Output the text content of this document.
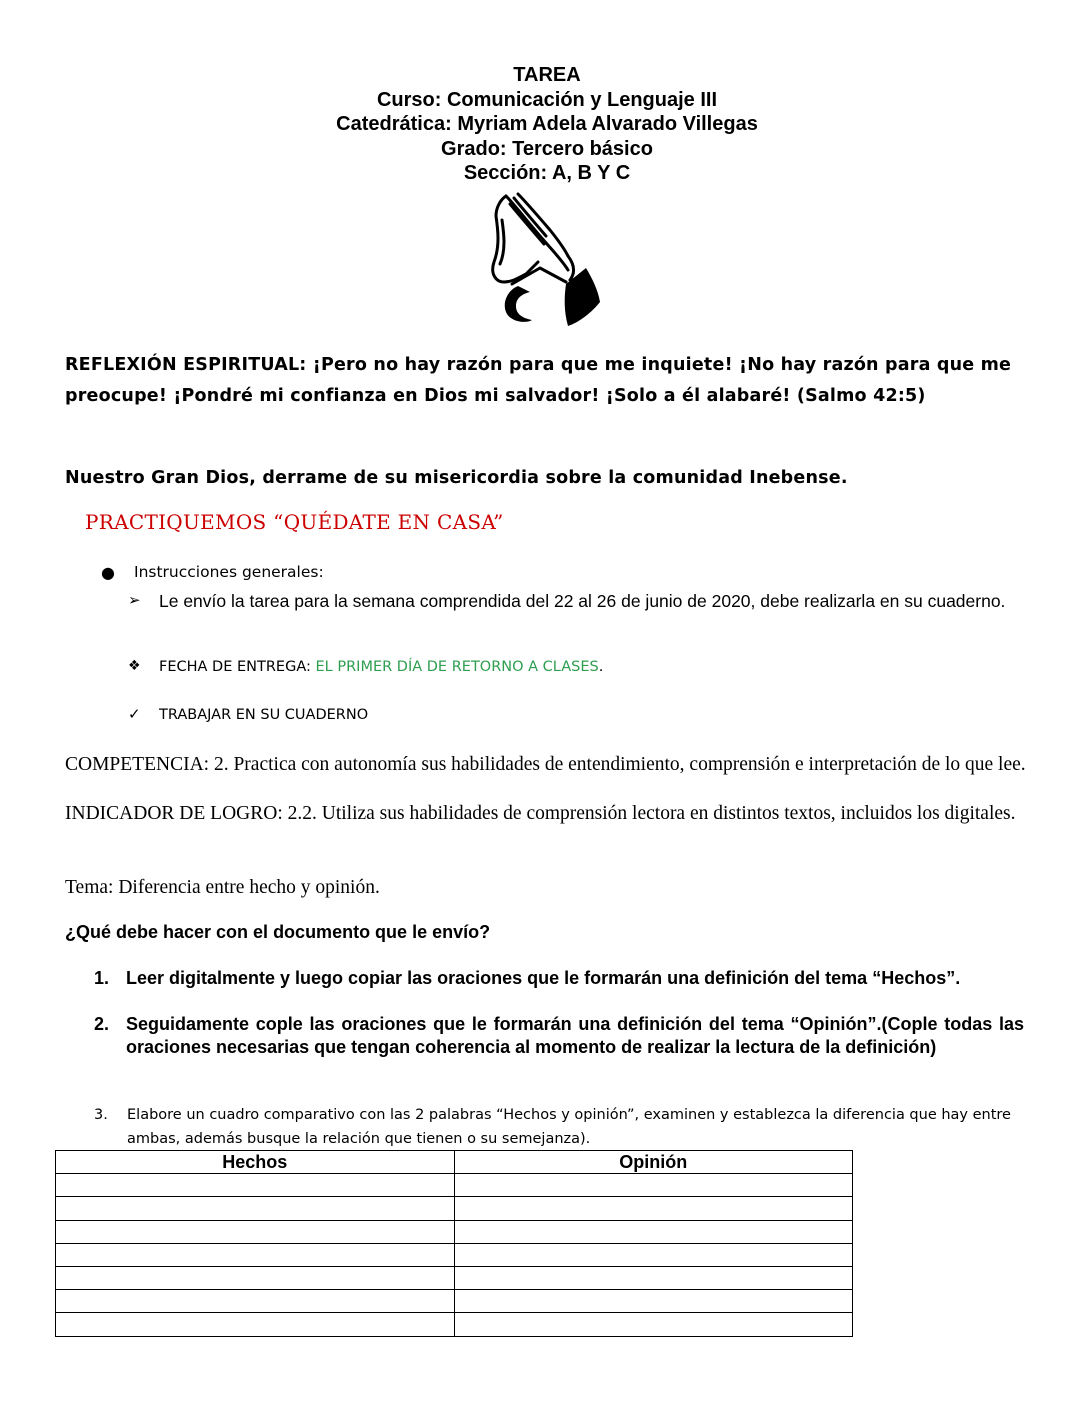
TAREA
Curso: Comunicación y Lenguaje III
Catedrática: Myriam Adela Alvarado Villegas
Grado: Tercero básico
Sección: A, B Y C
REFLEXIÓN ESPIRITUAL: ¡Pero no hay razón para que me inquiete! ¡No hay razón para que me preocupe! ¡Pondré mi confianza en Dios mi salvador! ¡Solo a él alabaré! (Salmo 42:5)
Nuestro Gran Dios, derrame de su misericordia sobre la comunidad Inebense.
PRACTIQUEMOS “QUÉDATE EN CASA”
● Instrucciones generales:
➢ Le envío la tarea para la semana comprendida del 22 al 26 de junio de 2020, debe realizarla en su cuaderno.
❖ FECHA DE ENTREGA: EL PRIMER DÍA DE RETORNO A CLASES.
✓ TRABAJAR EN SU CUADERNO
COMPETENCIA: 2. Practica con autonomía sus habilidades de entendimiento, comprensión e interpretación de lo que lee.
INDICADOR DE LOGRO: 2.2. Utiliza sus habilidades de comprensión lectora en distintos textos, incluidos los digitales.
Tema: Diferencia entre hecho y opinión.
¿Qué debe hacer con el documento que le envío?
1. Leer digitalmente y luego copiar las oraciones que le formarán una definición del tema “Hechos”.
2. Seguidamente cople las oraciones que le formarán una definición del tema “Opinión”.(Cople todas las oraciones necesarias que tengan coherencia al momento de realizar la lectura de la definición)
3. Elabore un cuadro comparativo con las 2 palabras “Hechos y opinión”, examinen y establezca la diferencia que hay entre ambas, además busque la relación que tienen o su semejanza).
Hechos	Opinión
